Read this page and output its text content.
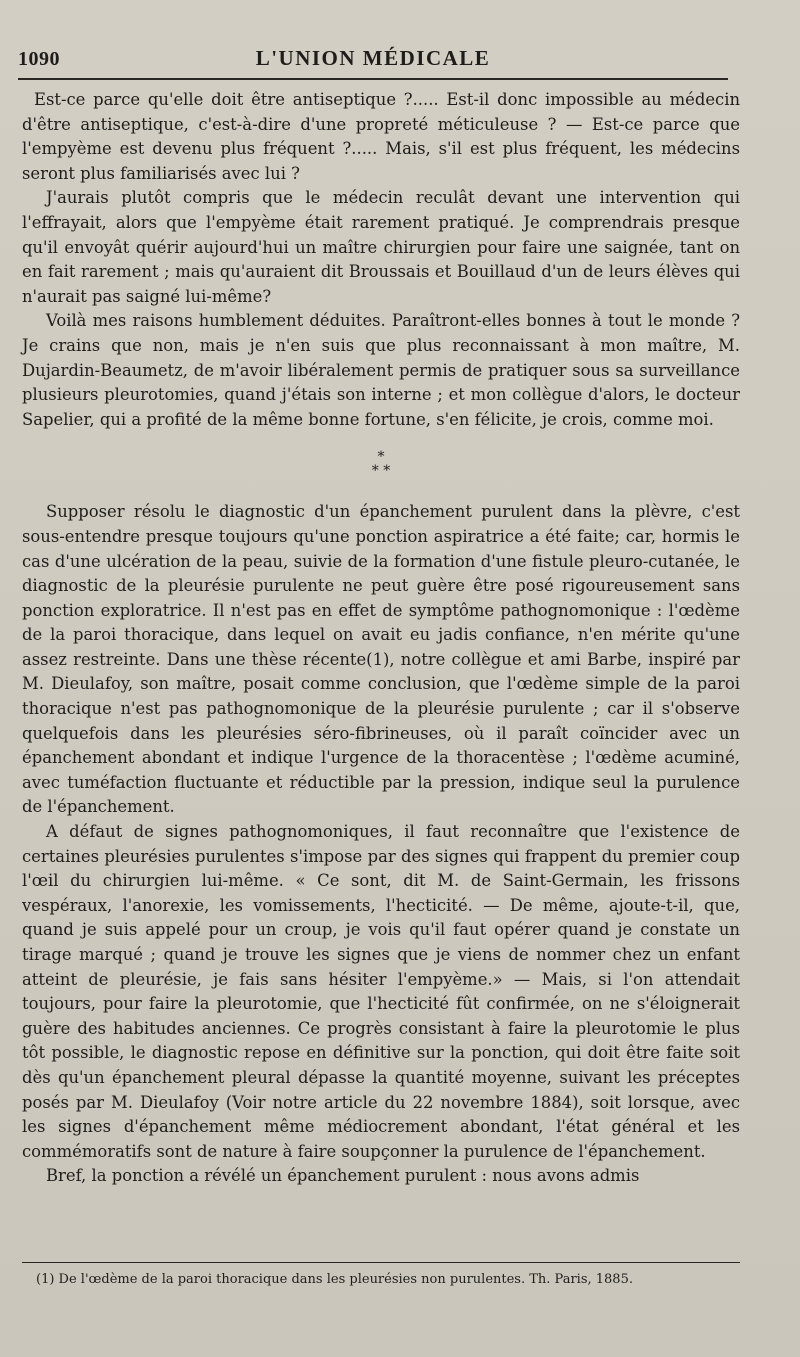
1090	L'UNION MÉDICALE

Est-ce parce qu'elle doit être antiseptique ?..... Est-il donc impossible au médecin d'être antiseptique, c'est-à-dire d'une propreté méticuleuse ? — Est-ce parce que l'empyème est devenu plus fréquent ?..... Mais, s'il est plus fréquent, les médecins seront plus familiarisés avec lui ?

J'aurais plutôt compris que le médecin reculât devant une intervention qui l'effrayait, alors que l'empyème était rarement pratiqué. Je comprendrais presque qu'il envoyât quérir aujourd'hui un maître chirurgien pour faire une saignée, tant on en fait rarement ; mais qu'auraient dit Broussais et Bouillaud d'un de leurs élèves qui n'aurait pas saigné lui-même?

Voilà mes raisons humblement déduites. Paraîtront-elles bonnes à tout le monde ? Je crains que non, mais je n'en suis que plus reconnaissant à mon maître, M. Dujardin-Beaumetz, de m'avoir libéralement permis de pratiquer sous sa surveillance plusieurs pleurotomies, quand j'étais son interne ; et mon collègue d'alors, le docteur Sapelier, qui a profité de la même bonne fortune, s'en félicite, je crois, comme moi.

*
* *

Supposer résolu le diagnostic d'un épanchement purulent dans la plèvre, c'est sous-entendre presque toujours qu'une ponction aspiratrice a été faite; car, hormis le cas d'une ulcération de la peau, suivie de la formation d'une fistule pleuro-cutanée, le diagnostic de la pleurésie purulente ne peut guère être posé rigoureusement sans ponction exploratrice. Il n'est pas en effet de symptôme pathognomonique : l'œdème de la paroi thoracique, dans lequel on avait eu jadis confiance, n'en mérite qu'une assez restreinte. Dans une thèse récente(1), notre collègue et ami Barbe, inspiré par M. Dieulafoy, son maître, posait comme conclusion, que l'œdème simple de la paroi thoracique n'est pas pathognomonique de la pleurésie purulente ; car il s'observe quelquefois dans les pleurésies séro-fibrineuses, où il paraît coïncider avec un épanchement abondant et indique l'urgence de la thoracentèse ; l'œdème acuminé, avec tuméfaction fluctuante et réductible par la pression, indique seul la purulence de l'épanchement.

A défaut de signes pathognomoniques, il faut reconnaître que l'existence de certaines pleurésies purulentes s'impose par des signes qui frappent du premier coup l'œil du chirurgien lui-même. « Ce sont, dit M. de Saint-Germain, les frissons vespéraux, l'anorexie, les vomissements, l'hecticité. — De même, ajoute-t-il, que, quand je suis appelé pour un croup, je vois qu'il faut opérer quand je constate un tirage marqué ; quand je trouve les signes que je viens de nommer chez un enfant atteint de pleurésie, je fais sans hésiter l'empyème.» — Mais, si l'on attendait toujours, pour faire la pleurotomie, que l'hecticité fût confirmée, on ne s'éloignerait guère des habitudes anciennes. Ce progrès consistant à faire la pleurotomie le plus tôt possible, le diagnostic repose en définitive sur la ponction, qui doit être faite soit dès qu'un épanchement pleural dépasse la quantité moyenne, suivant les préceptes posés par M. Dieulafoy (Voir notre article du 22 novembre 1884), soit lorsque, avec les signes d'épanchement même médiocrement abondant, l'état général et les commémoratifs sont de nature à faire soupçonner la purulence de l'épanchement.

Bref, la ponction a révélé un épanchement purulent : nous avons admis

(1) De l'œdème de la paroi thoracique dans les pleurésies non purulentes. Th. Paris, 1885.
